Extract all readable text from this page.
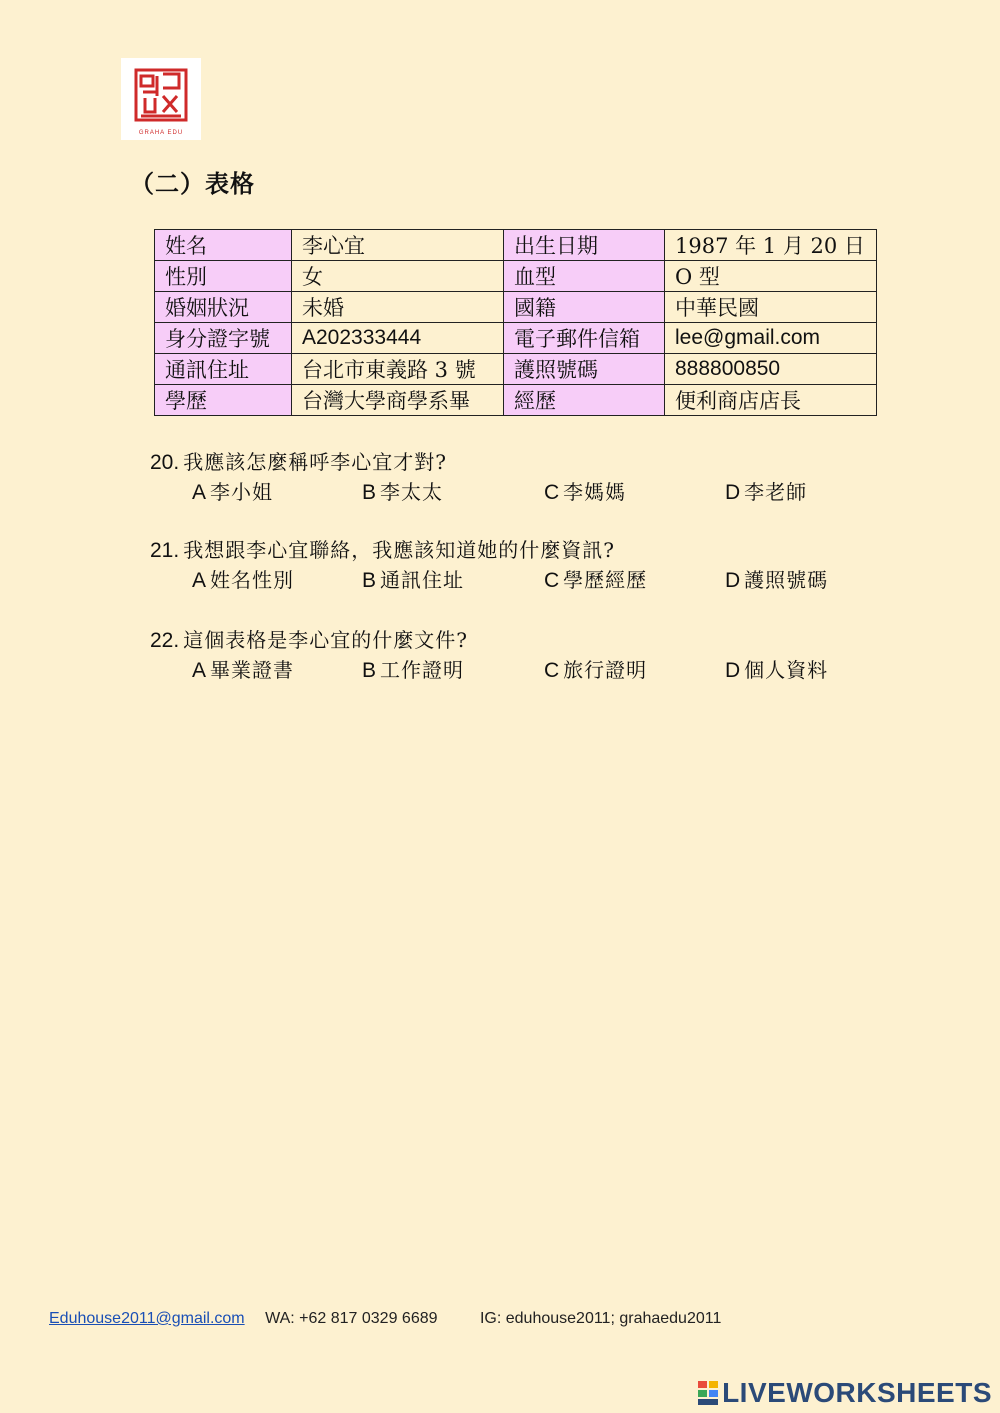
GRAHA EDU
（二）表格
姓名	李心宜	出生日期	1987 年 1 月 20 日
性別	女	血型	O 型
婚姻狀況	未婚	國籍	中華民國
身分證字號	A202333444	電子郵件信箱	lee@gmail.com
通訊住址	台北市東義路 3 號	護照號碼	888800850
學歷	台灣大學商學系畢	經歷	便利商店店長
20. 我應該怎麼稱呼李心宜才對?
A 李小姐	B 李太太	C 李媽媽	D 李老師
21. 我想跟李心宜聯絡，我應該知道她的什麼資訊?
A 姓名性別	B 通訊住址	C 學歷經歷	D 護照號碼
22. 這個表格是李心宜的什麼文件?
A 畢業證書	B 工作證明	C 旅行證明	D 個人資料
Eduhouse2011@gmail.com WA: +62 817 0329 6689	IG: eduhouse2011; grahaedu2011
LIVEWORKSHEETS
